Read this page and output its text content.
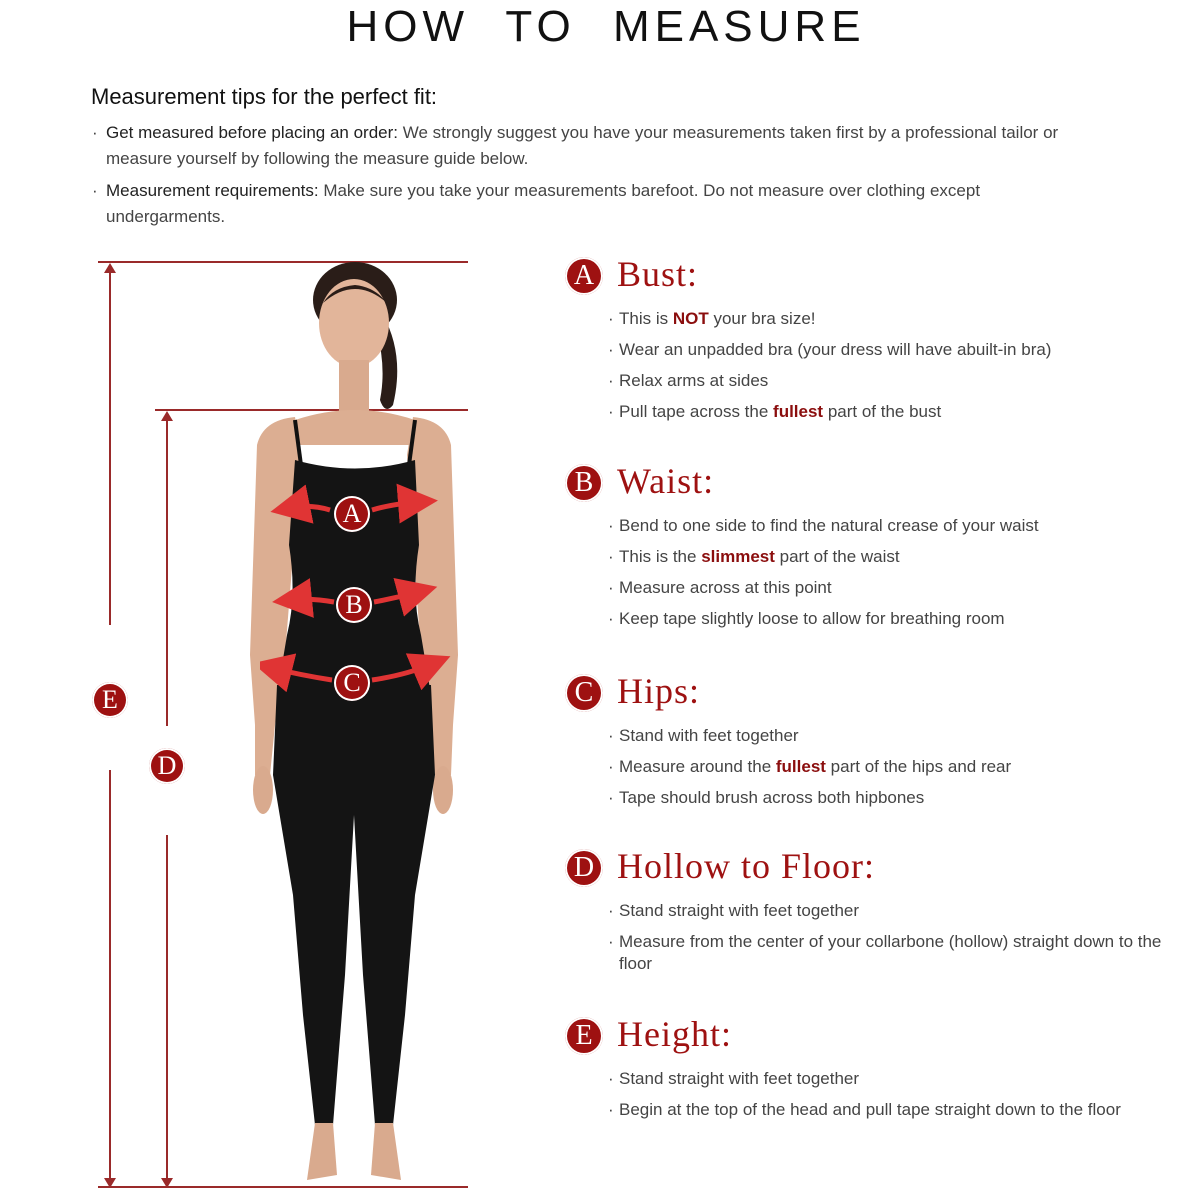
HOW TO MEASURE
Measurement tips for the perfect fit:
· Get measured before placing an order: We strongly suggest you have your measurements taken first by a professional tailor or measure yourself by following the measure guide below.
· Measurement requirements: Make sure you take your measurements barefoot. Do not measure over clothing except undergarments.
E
D
A
B
C
A Bust:
· This is NOT your bra size!
· Wear an unpadded bra (your dress will have abuilt-in bra)
· Relax arms at sides
· Pull tape across the fullest part of the bust
B Waist:
· Bend to one side to find the natural crease of your waist
· This is the slimmest part of the waist
· Measure across at this point
· Keep tape slightly loose to allow for breathing room
C Hips:
· Stand with feet together
· Measure around the fullest part of the hips and rear
· Tape should brush across both hipbones
D Hollow to Floor:
· Stand straight with feet together
· Measure from the center of your collarbone (hollow) straight down to the floor
E Height:
· Stand straight with feet together
· Begin at the top of the head and pull tape straight down to the floor
